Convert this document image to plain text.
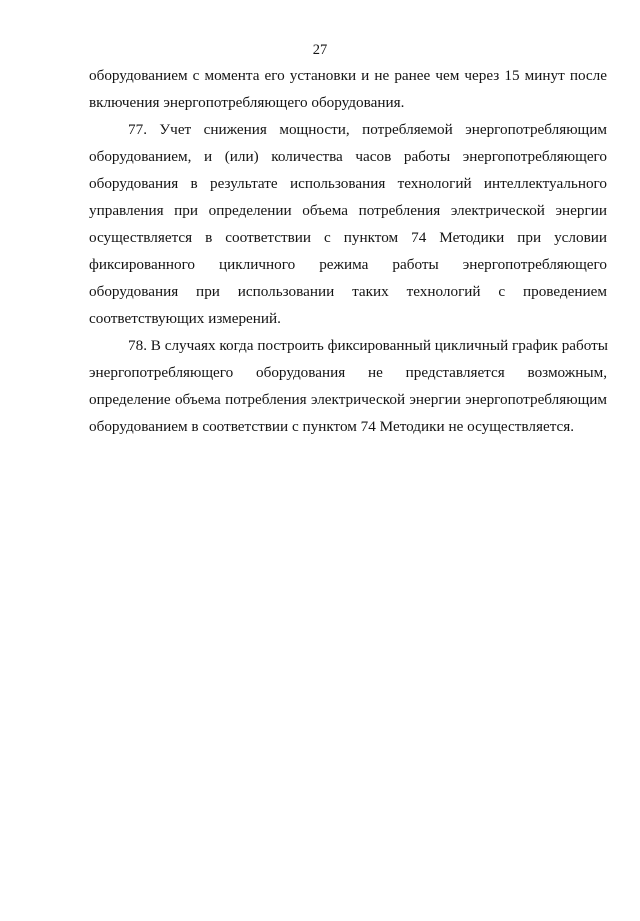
27
оборудованием с момента его установки и не ранее чем через 15 минут после
включения энергопотребляющего оборудования.
77. Учет снижения мощности, потребляемой энергопотребляющим
оборудованием, и (или) количества часов работы энергопотребляющего
оборудования в результате использования технологий интеллектуального
управления при определении объема потребления электрической энергии
осуществляется в соответствии с пунктом 74 Методики при условии
фиксированного цикличного режима работы энергопотребляющего
оборудования при использовании таких технологий с проведением
соответствующих измерений.
78. В случаях когда построить фиксированный цикличный график работы
энергопотребляющего оборудования не представляется возможным,
определение объема потребления электрической энергии энергопотребляющим
оборудованием в соответствии с пунктом 74 Методики не осуществляется.
